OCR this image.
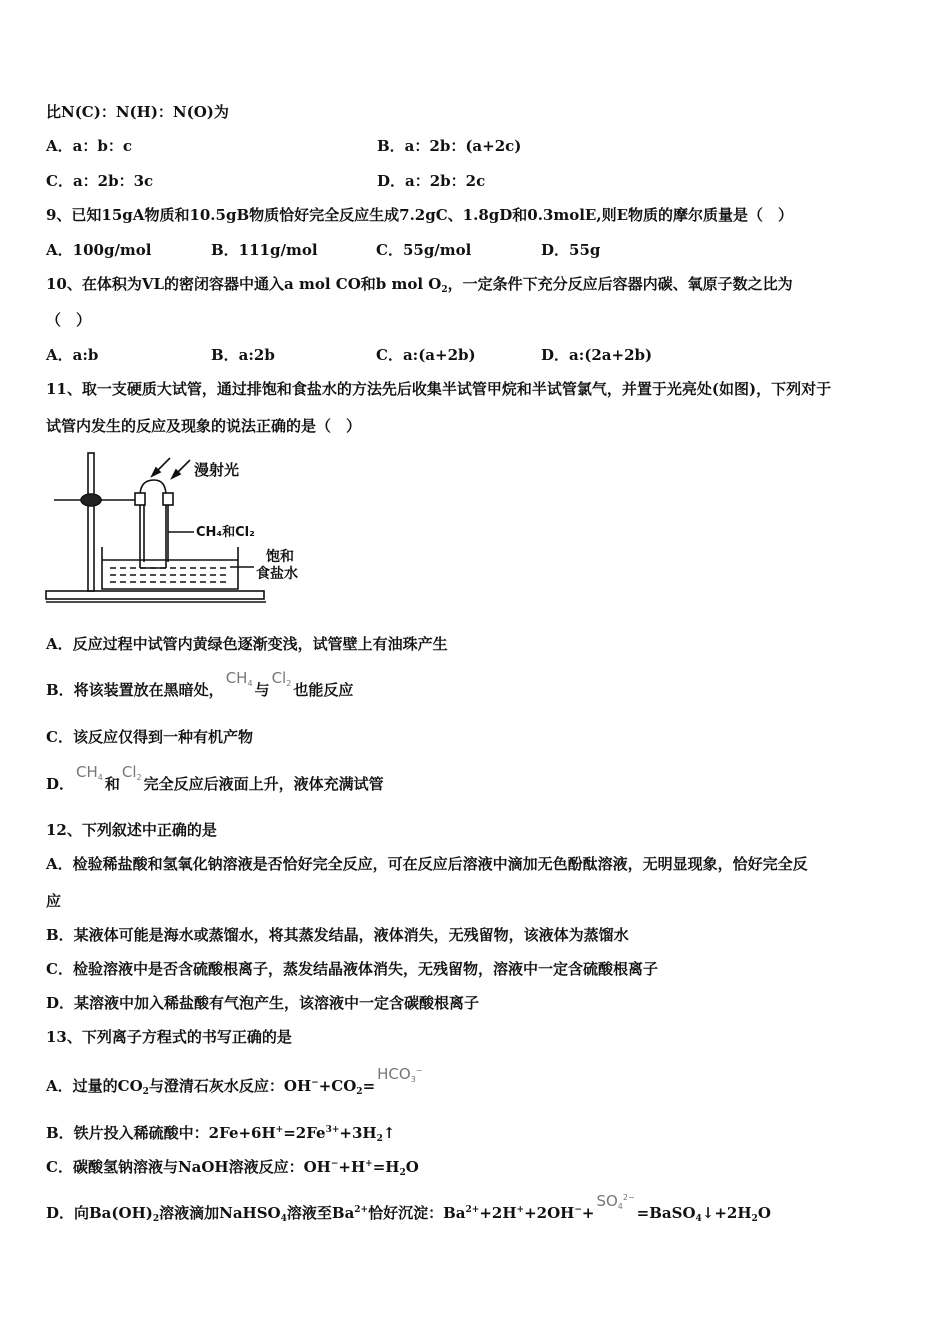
比N(C)：N(H)：N(O)为
A．a：b：c	B．a：2b：(a+2c)
C．a：2b：3c	D．a：2b：2c
9、已知15gA物质和10.5gB物质恰好完全反应生成7.2gC、1.8gD和0.3molE,则E物质的摩尔质量是（　）
A．100g/mol	B．111g/mol	C．55g/mol	D．55g
10、在体积为VL的密闭容器中通入a mol CO和b mol $O_2$，一定条件下充分反应后容器内碳、氧原子数之比为
（　）
A．a:b	B．a:2b	C．a:(a+2b)	D．a:(2a+2b)
11、取一支硬质大试管，通过排饱和食盐水的方法先后收集半试管甲烷和半试管氯气，并置于光亮处(如图)，下列对于
试管内发生的反应及现象的说法正确的是（　）
漫射光
CH₄和Cl₂
饱和
食盐水
A．反应过程中试管内黄绿色逐渐变浅，试管壁上有油珠产生
B．将该装置放在黑暗处，$CH_4$ 与$Cl_2$ 也能反应
C．该反应仅得到一种有机产物
D．$CH_4$ 和$Cl_2$ 完全反应后液面上升，液体充满试管
12、下列叙述中正确的是
A．检验稀盐酸和氢氧化钠溶液是否恰好完全反应，可在反应后溶液中滴加无色酚酞溶液，无明显现象，恰好完全反
应
B．某液体可能是海水或蒸馏水，将其蒸发结晶，液体消失，无残留物，该液体为蒸馏水
C．检验溶液中是否含硫酸根离子，蒸发结晶液体消失，无残留物，溶液中一定含硫酸根离子
D．某溶液中加入稀盐酸有气泡产生，该溶液中一定含碳酸根离子
13、下列离子方程式的书写正确的是
A．过量的$CO_2$与澄清石灰水反应：$OH^-+CO_2=HCO_3^-$
B．铁片投入稀硫酸中：$2Fe+6H^+=2Fe^{3+}+3H_2↑$
C．碳酸氢钠溶液与NaOH溶液反应：$OH^-+H^+=H_2O$
D．向$Ba(OH)_2$溶液滴加NaHSO$_4$溶液至$Ba^{2+}$恰好沉淀：$Ba^{2+}+2H^++2OH^-+SO_4^{2-}=BaSO_4↓+2H_2O$
